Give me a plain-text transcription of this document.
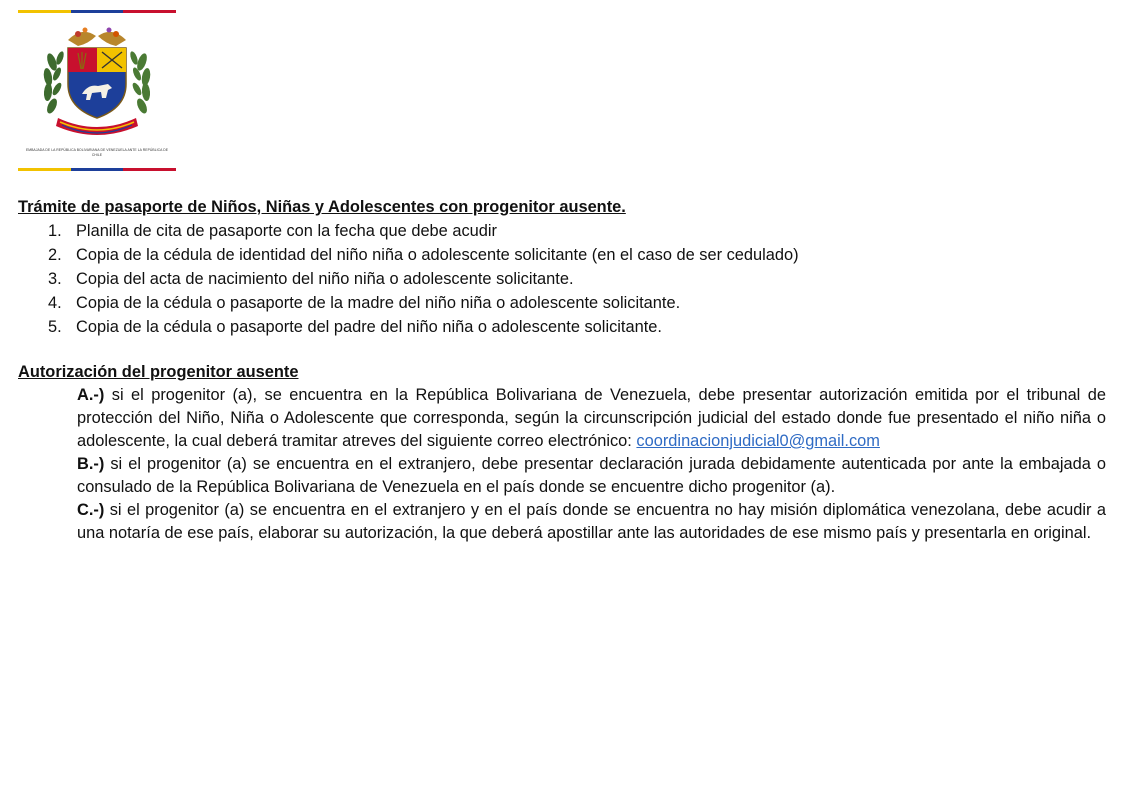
EMBAJADA DE LA REPÚBLICA BOLIVARIANA DE VENEZUELA ANTE LA REPÚBLICA DE CHILE

Trámite de pasaporte de Niños, Niñas y Adolescentes con progenitor ausente.

1. Planilla de cita de pasaporte con la fecha que debe acudir
2. Copia de la cédula de identidad del niño niña o adolescente solicitante (en el caso de ser cedulado)
3. Copia del acta de nacimiento del niño niña o adolescente solicitante.
4. Copia de la cédula o pasaporte de la madre del niño niña o adolescente solicitante.
5. Copia de la cédula o pasaporte del padre del niño niña o adolescente solicitante.
Autorización del progenitor ausente

A.-) si el progenitor (a), se encuentra en la República Bolivariana de Venezuela, debe presentar autorización emitida por el tribunal de protección del Niño, Niña o Adolescente que corresponda, según la circunscripción judicial del estado donde fue presentado el niño niña o adolescente, la cual deberá tramitar atreves del siguiente correo electrónico: coordinacionjudicial0@gmail.com

B.-) si el progenitor (a) se encuentra en el extranjero, debe presentar declaración jurada debidamente autenticada por ante la embajada o consulado de la República Bolivariana de Venezuela en el país donde se encuentre dicho progenitor (a).

C.-) si el progenitor (a) se encuentra en el extranjero y en el país donde se encuentra no hay misión diplomática venezolana, debe acudir a una notaría de ese país, elaborar su autorización, la que deberá apostillar ante las autoridades de ese mismo país y presentarla en original.
